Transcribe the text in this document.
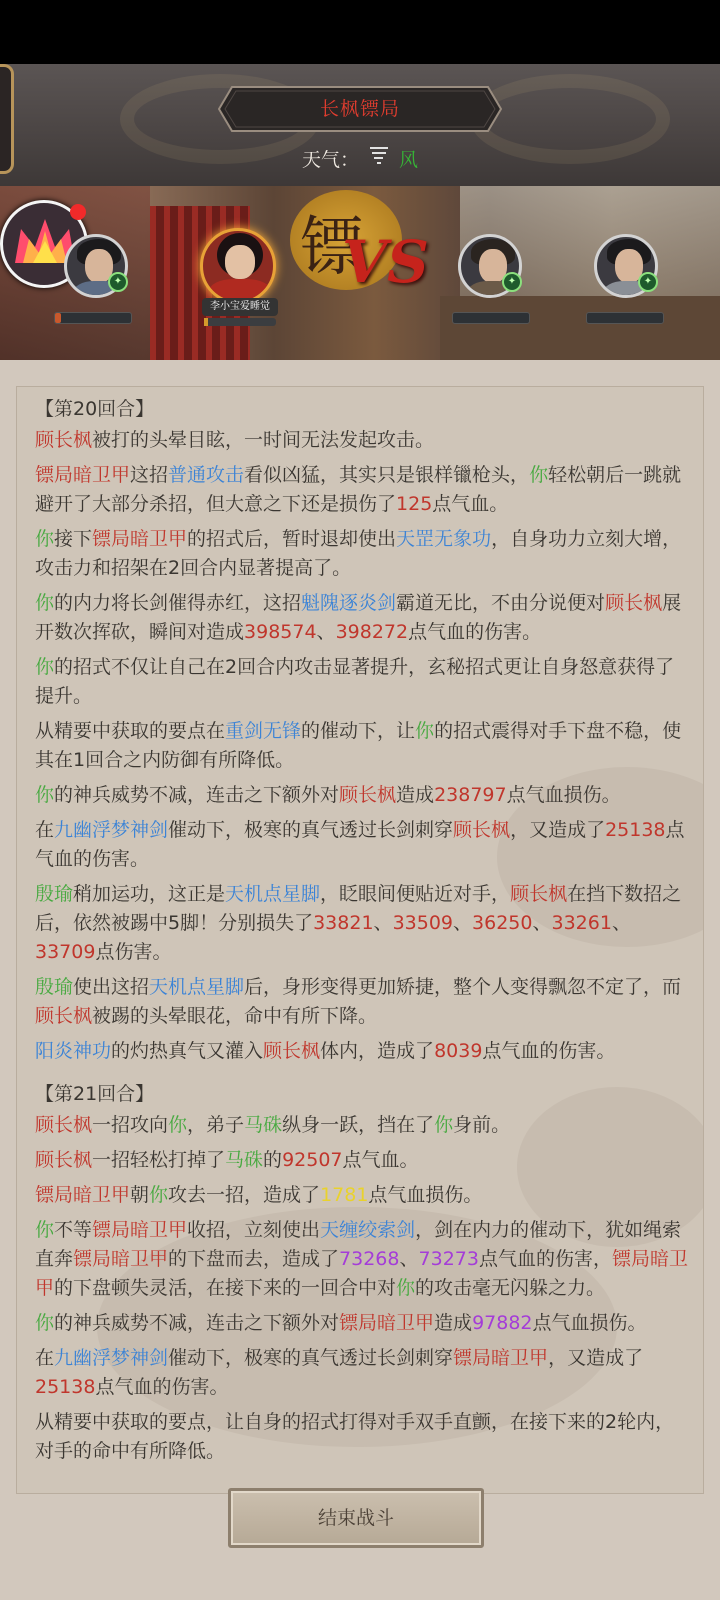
长枫镖局
天气： 风
镖
VS
✦
李小宝爱睡觉
✦	✦

【第20回合】

顾长枫被打的头晕目眩，一时间无法发起攻击。

镖局暗卫甲这招普通攻击看似凶猛，其实只是银样镴枪头，你轻松朝后一跳就避开了大部分杀招，但大意之下还是损伤了125点气血。

你接下镖局暗卫甲的招式后，暂时退却使出天罡无象功，自身功力立刻大增，攻击力和招架在2回合内显著提高了。

你的内力将长剑催得赤红，这招魁隗逐炎剑霸道无比，不由分说便对顾长枫展开数次挥砍，瞬间对造成398574、398272点气血的伤害。

你的招式不仅让自己在2回合内攻击显著提升，玄秘招式更让自身怒意获得了提升。

从精要中获取的要点在重剑无锋的催动下，让你的招式震得对手下盘不稳，使其在1回合之内防御有所降低。

你的神兵威势不减，连击之下额外对顾长枫造成238797点气血损伤。

在九幽浮梦神剑催动下，极寒的真气透过长剑刺穿顾长枫，又造成了25138点气血的伤害。

殷瑜稍加运功，这正是天机点星脚，眨眼间便贴近对手，顾长枫在挡下数招之后，依然被踢中5脚！分别损失了33821、33509、36250、33261、33709点伤害。

殷瑜使出这招天机点星脚后，身形变得更加矫捷，整个人变得飘忽不定了，而顾长枫被踢的头晕眼花，命中有所下降。

阳炎神功的灼热真气又灌入顾长枫体内，造成了8039点气血的伤害。

【第21回合】

顾长枫一招攻向你，弟子马硃纵身一跃，挡在了你身前。

顾长枫一招轻松打掉了马硃的92507点气血。

镖局暗卫甲朝你攻去一招，造成了1781点气血损伤。

你不等镖局暗卫甲收招，立刻使出天缠绞索剑，剑在内力的催动下，犹如绳索直奔镖局暗卫甲的下盘而去，造成了73268、73273点气血的伤害，镖局暗卫甲的下盘顿失灵活，在接下来的一回合中对你的攻击毫无闪躲之力。

你的神兵威势不减，连击之下额外对镖局暗卫甲造成97882点气血损伤。

在九幽浮梦神剑催动下，极寒的真气透过长剑刺穿镖局暗卫甲，又造成了25138点气血的伤害。

从精要中获取的要点，让自身的招式打得对手双手直颤，在接下来的2轮内，对手的命中有所降低。

结束战斗
